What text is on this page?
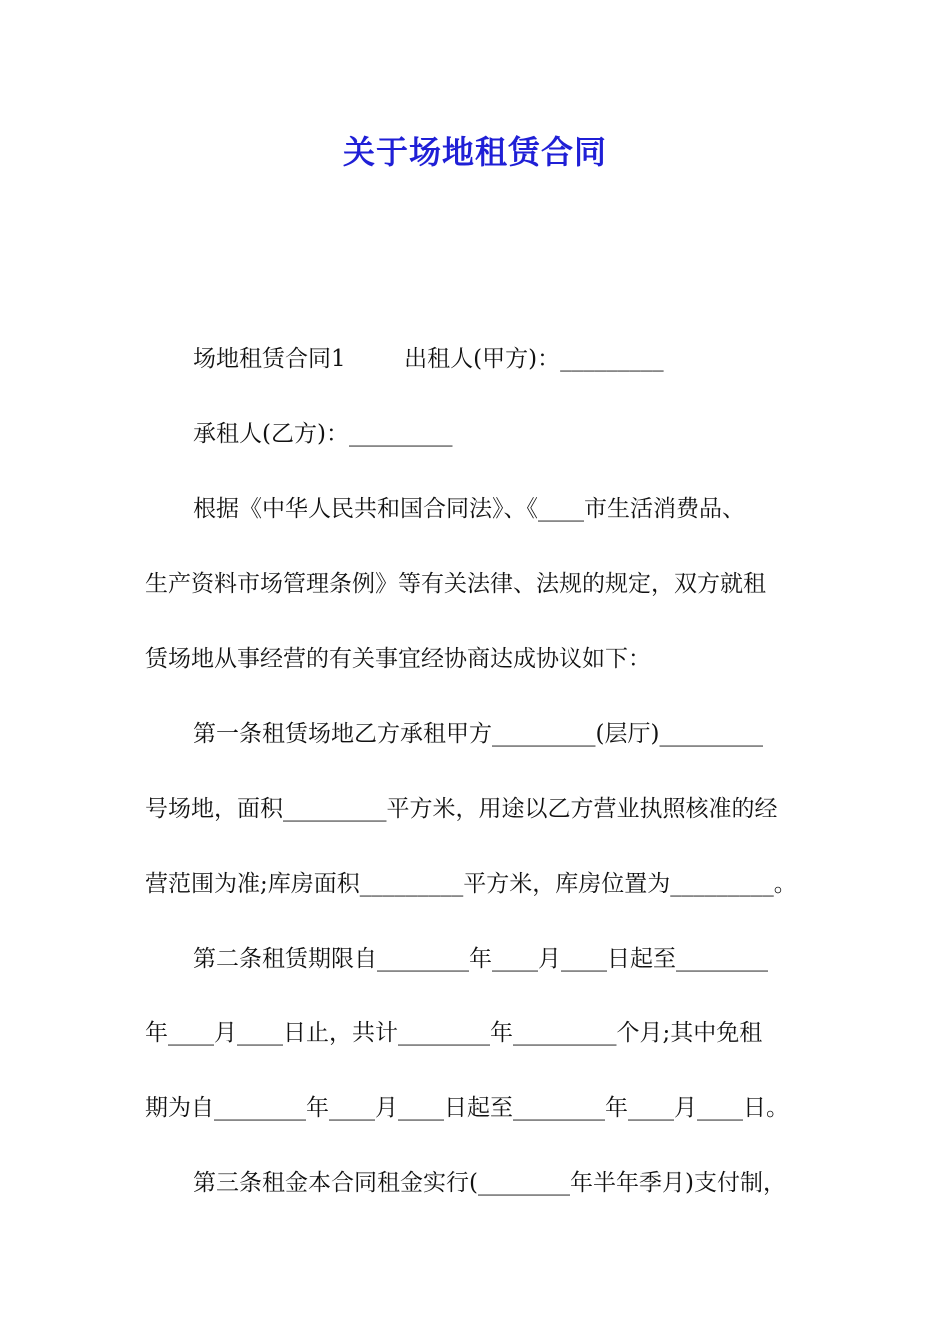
关于场地租赁合同

场地租赁合同1        出租人(甲方)：_________

承租人(乙方)：_________

根据《中华人民共和国合同法》、《____市生活消费品、

生产资料市场管理条例》等有关法律、法规的规定，双方就租

赁场地从事经营的有关事宜经协商达成协议如下：

第一条租赁场地乙方承租甲方_________(层厅)_________

号场地，面积_________平方米，用途以乙方营业执照核准的经

营范围为准;库房面积_________平方米，库房位置为_________。

第二条租赁期限自________年____月____日起至________

年____月____日止，共计________年_________个月;其中免租

期为自________年____月____日起至________年____月____日。

第三条租金本合同租金实行(________年半年季月)支付制，
